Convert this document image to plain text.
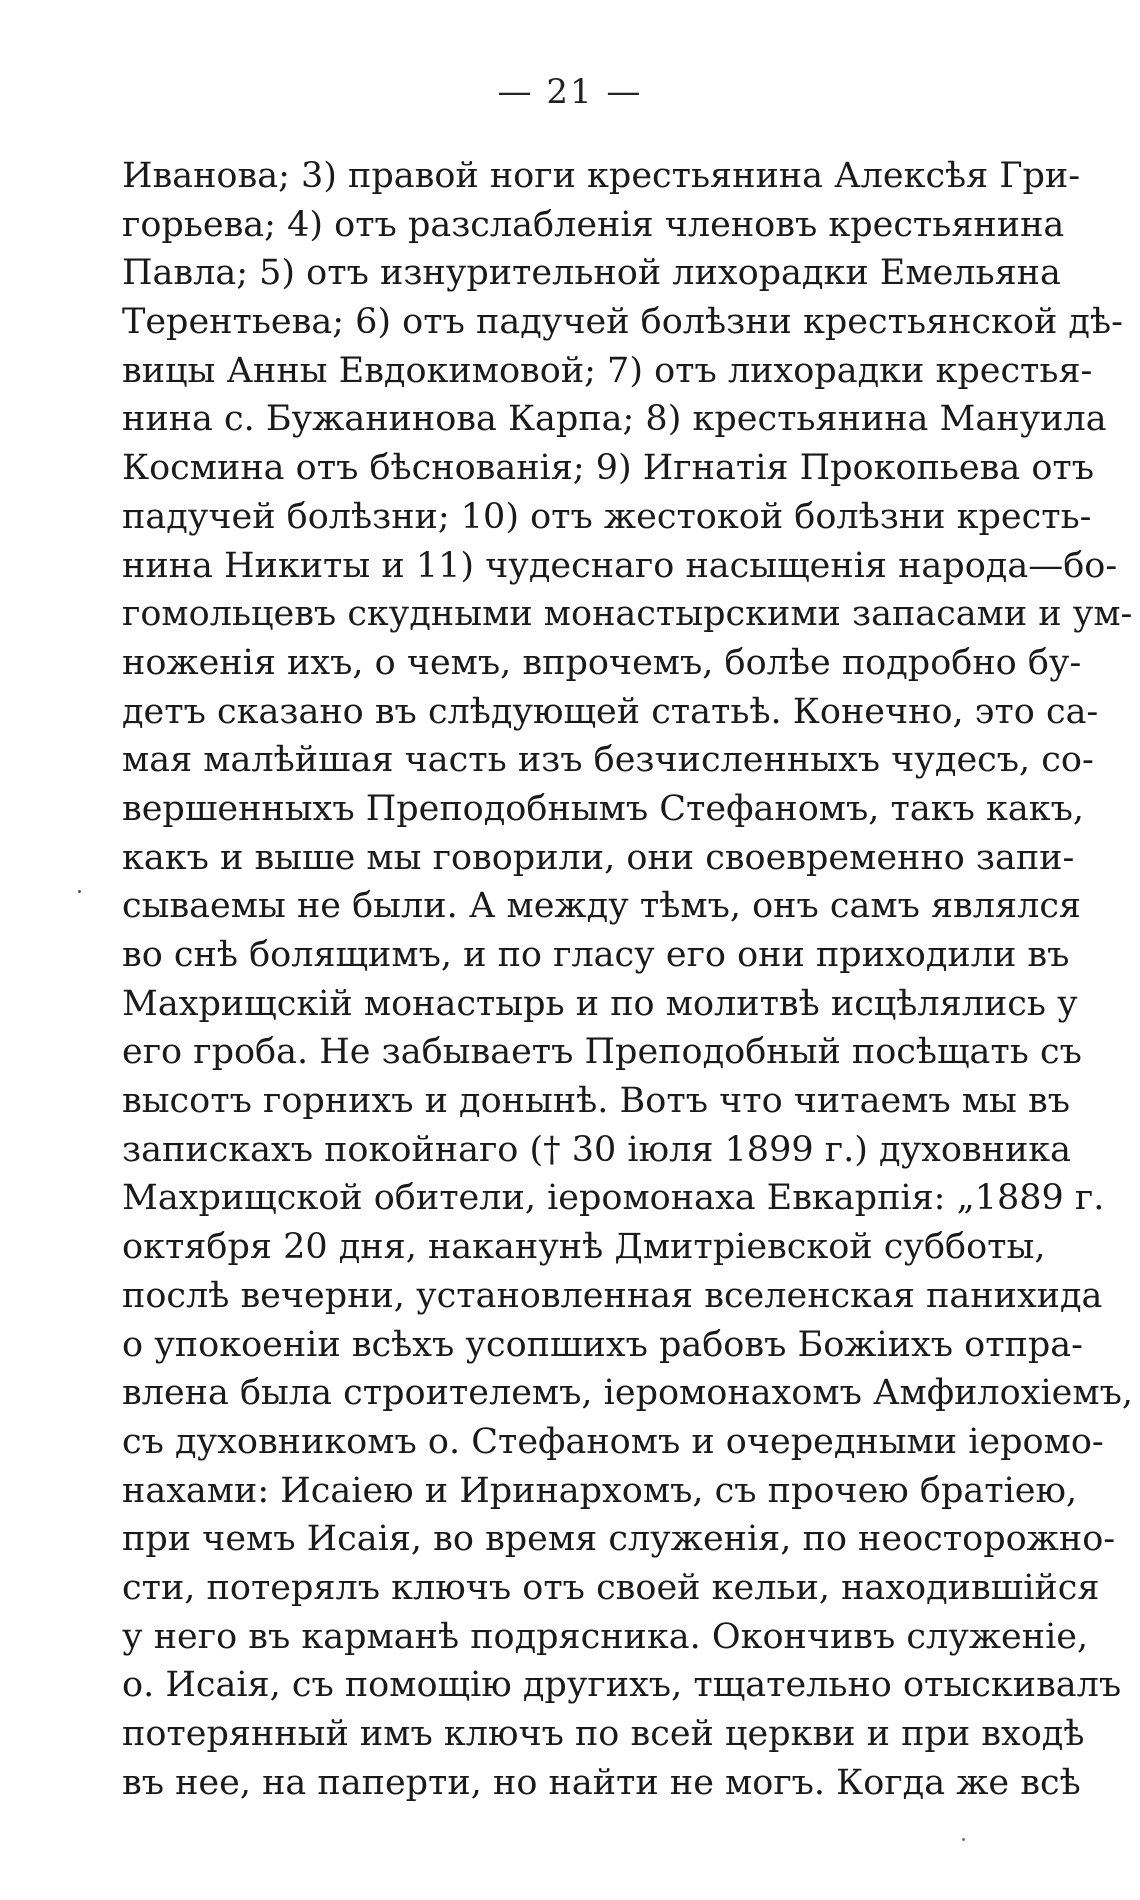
— 21 —
Иванова; 3) правой ноги крестьянина Алексѣя Гри-
горьева; 4) отъ разслабленія членовъ крестьянина
Павла; 5) отъ изнурительной лихорадки Емельяна
Терентьева; 6) отъ падучей болѣзни крестьянской дѣ-
вицы Анны Евдокимовой; 7) отъ лихорадки крестья-
нина с. Бужанинова Карпа; 8) крестьянина Мануила
Космина отъ бѣснованія; 9) Игнатія Прокопьева отъ
падучей болѣзни; 10) отъ жестокой болѣзни кресть-
нина Никиты и 11) чудеснаго насыщенія народа—бо-
гомольцевъ скудными монастырскими запасами и ум-
ноженія ихъ, о чемъ, впрочемъ, болѣе подробно бу-
детъ сказано въ слѣдующей статьѣ. Конечно, это са-
мая малѣйшая часть изъ безчисленныхъ чудесъ, со-
вершенныхъ Преподобнымъ Стефаномъ, такъ какъ,
какъ и выше мы говорили, они своевременно запи-
сываемы не были. А между тѣмъ, онъ самъ являлся
во снѣ болящимъ, и по гласу его они приходили въ
Махрищскій монастырь и по молитвѣ исцѣлялись у
его гроба. Не забываетъ Преподобный посѣщать съ
высотъ горнихъ и донынѣ. Вотъ что читаемъ мы въ
запискахъ покойнаго († 30 іюля 1899 г.) духовника
Махрищской обители, іеромонаха Евкарпія: „1889 г.
октября 20 дня, наканунѣ Дмитріевской субботы,
послѣ вечерни, установленная вселенская панихида
о упокоеніи всѣхъ усопшихъ рабовъ Божіихъ отпра-
влена была строителемъ, іеромонахомъ Амфилохіемъ,
съ духовникомъ о. Стефаномъ и очередными іеромо-
нахами: Исаіею и Иринархомъ, съ прочею братіею,
при чемъ Исаія, во время служенія, по неосторожно-
сти, потерялъ ключъ отъ своей кельи, находившійся
у него въ карманѣ подрясника. Окончивъ служеніе,
о. Исаія, съ помощію другихъ, тщательно отыскивалъ
потерянный имъ ключъ по всей церкви и при входѣ
въ нее, на паперти, но найти не могъ. Когда же всѣ
